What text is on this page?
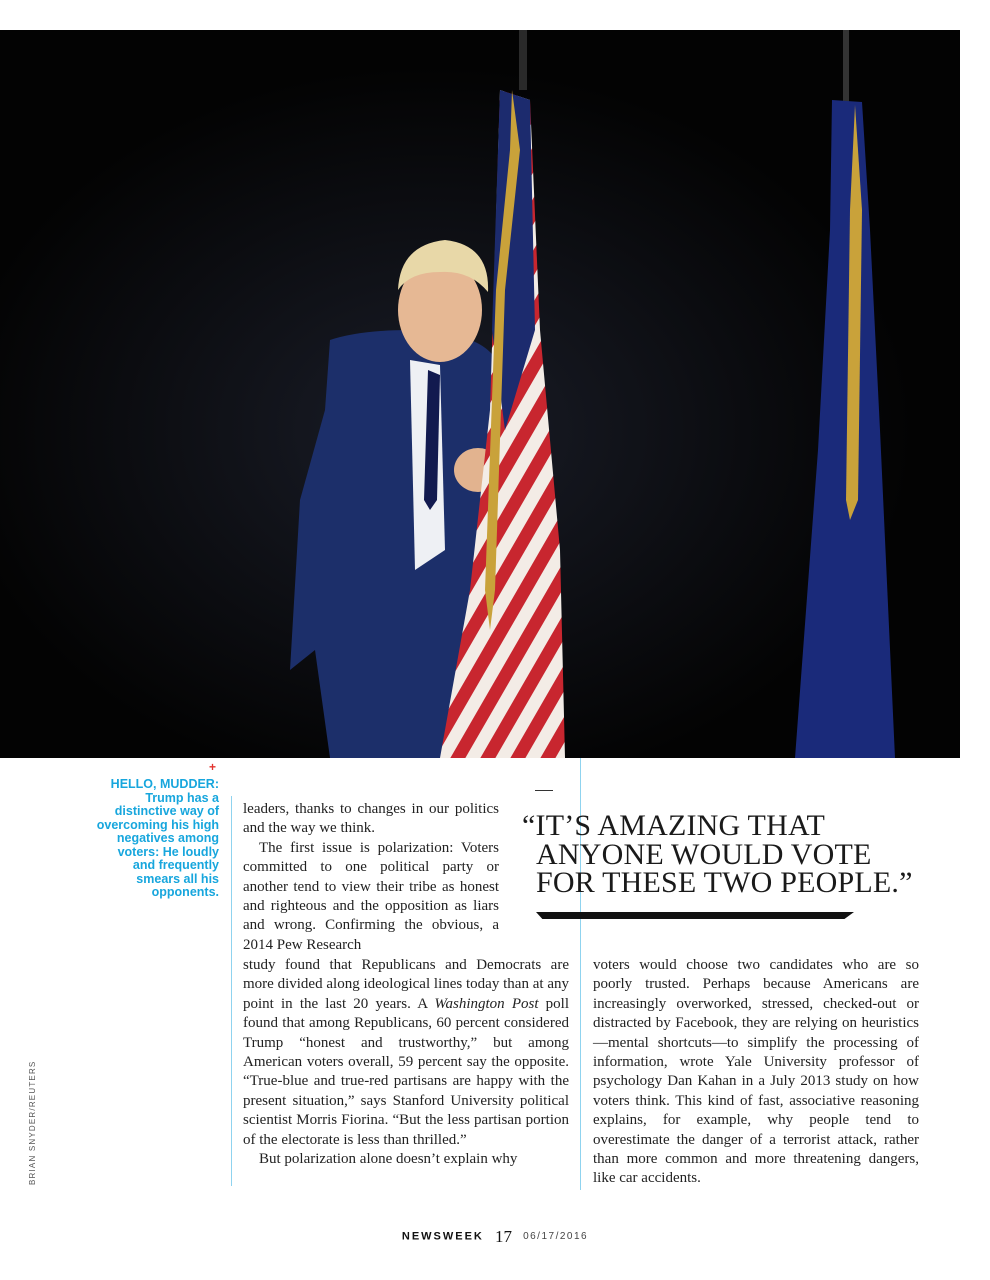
+
HELLO, MUDDER: Trump has a distinctive way of overcoming his high negatives among voters: He loudly and frequently smears all his opponents.
BRIAN SNYDER/REUTERS

leaders, thanks to changes in our politics and the way we think.

The first issue is polarization: Voters committed to one political party or another tend to view their tribe as honest and righteous and the opposition as liars and wrong. Confirming the obvious, a 2014 Pew Research

study found that Republicans and Democrats are more divided along ideological lines today than at any point in the last 20 years. A Washington Post poll found that among Republicans, 60 percent considered Trump “honest and trustworthy,” but among American voters overall, 59 percent say the opposite. “True-blue and true-red partisans are happy with the present situation,” says Stanford University political scientist Morris Fiorina. “But the less partisan portion of the electorate is less than thrilled.”

But polarization alone doesn’t explain why

voters would choose two candidates who are so poorly trusted. Perhaps because Americans are increasingly overworked, stressed, checked-out or distracted by Facebook, they are relying on heuristics—mental shortcuts—to simplify the processing of information, wrote Yale University professor of psychology Dan Kahan in a July 2013 study on how voters think. This kind of fast, associative reasoning explains, for example, why people tend to overestimate the danger of a terrorist attack, rather than more common and more threatening dangers, like car accidents.

“IT’S AMAZING THAT
ANYONE WOULD VOTE
FOR THESE TWO PEOPLE.”
NEWSWEEK 17 06/17/2016
